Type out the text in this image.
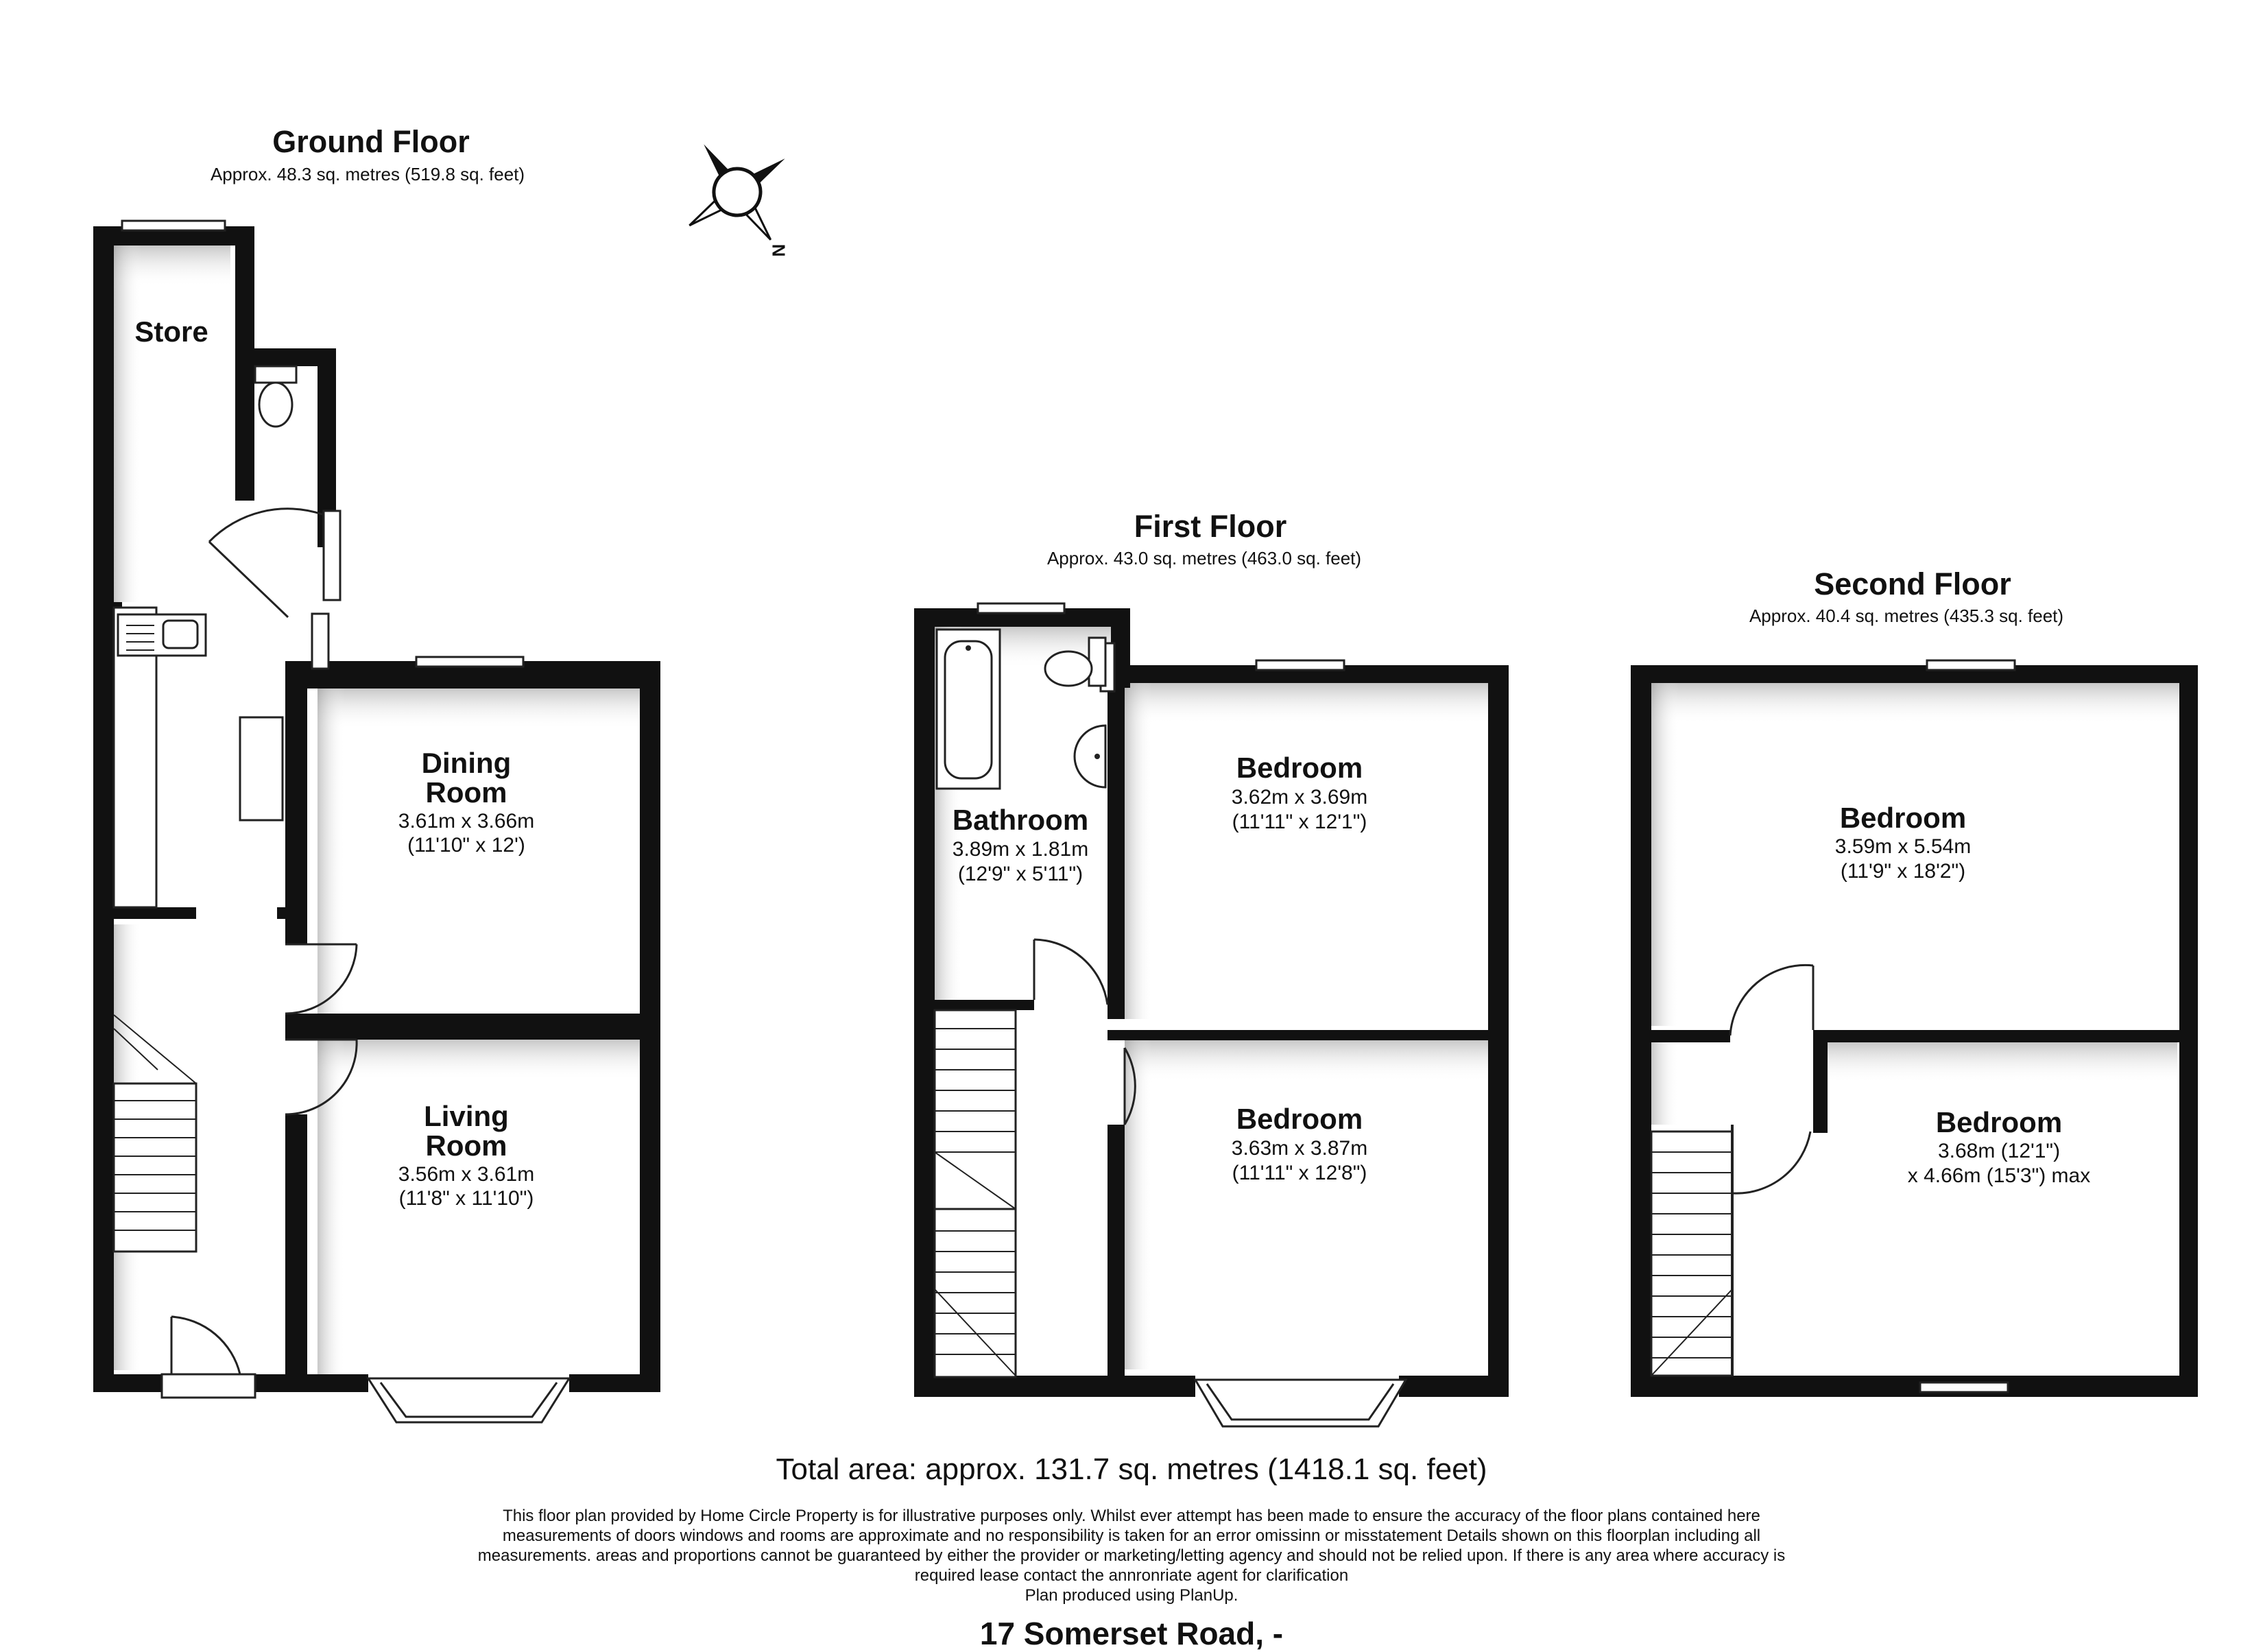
Ground Floor
Approx. 48.3 sq. metres (519.8 sq. feet)
Store
Dining
Room
3.61m x 3.66m
(11'10" x 12')
Living
Room
3.56m x 3.61m
(11'8" x 11'10")
N
First Floor
Approx. 43.0 sq. metres (463.0 sq. feet)
Bathroom
3.89m x 1.81m
(12'9" x 5'11")
Bedroom
3.62m x 3.69m
(11'11" x 12'1")
Bedroom
3.63m x 3.87m
(11'11" x 12'8")
Second Floor
Approx. 40.4 sq. metres (435.3 sq. feet)
Bedroom
3.59m x 5.54m
(11'9" x 18'2")
Bedroom
3.68m (12'1")
x 4.66m (15'3") max
Total area: approx. 131.7 sq. metres (1418.1 sq. feet)
This floor plan provided by Home Circle Property is for illustrative purposes only. Whilst ever attempt has been made to ensure the accuracy of the floor plans contained here
measurements of doors windows and rooms are approximate and no responsibility is taken for an error omissinn or misstatement Details shown on this floorplan including all
measurements. areas and proportions cannot be guaranteed by either the provider or marketing/letting agency and should not be relied upon. If there is any area where accuracy is
required lease contact the annronriate agent for clarification
Plan produced using PlanUp.
17 Somerset Road, -
